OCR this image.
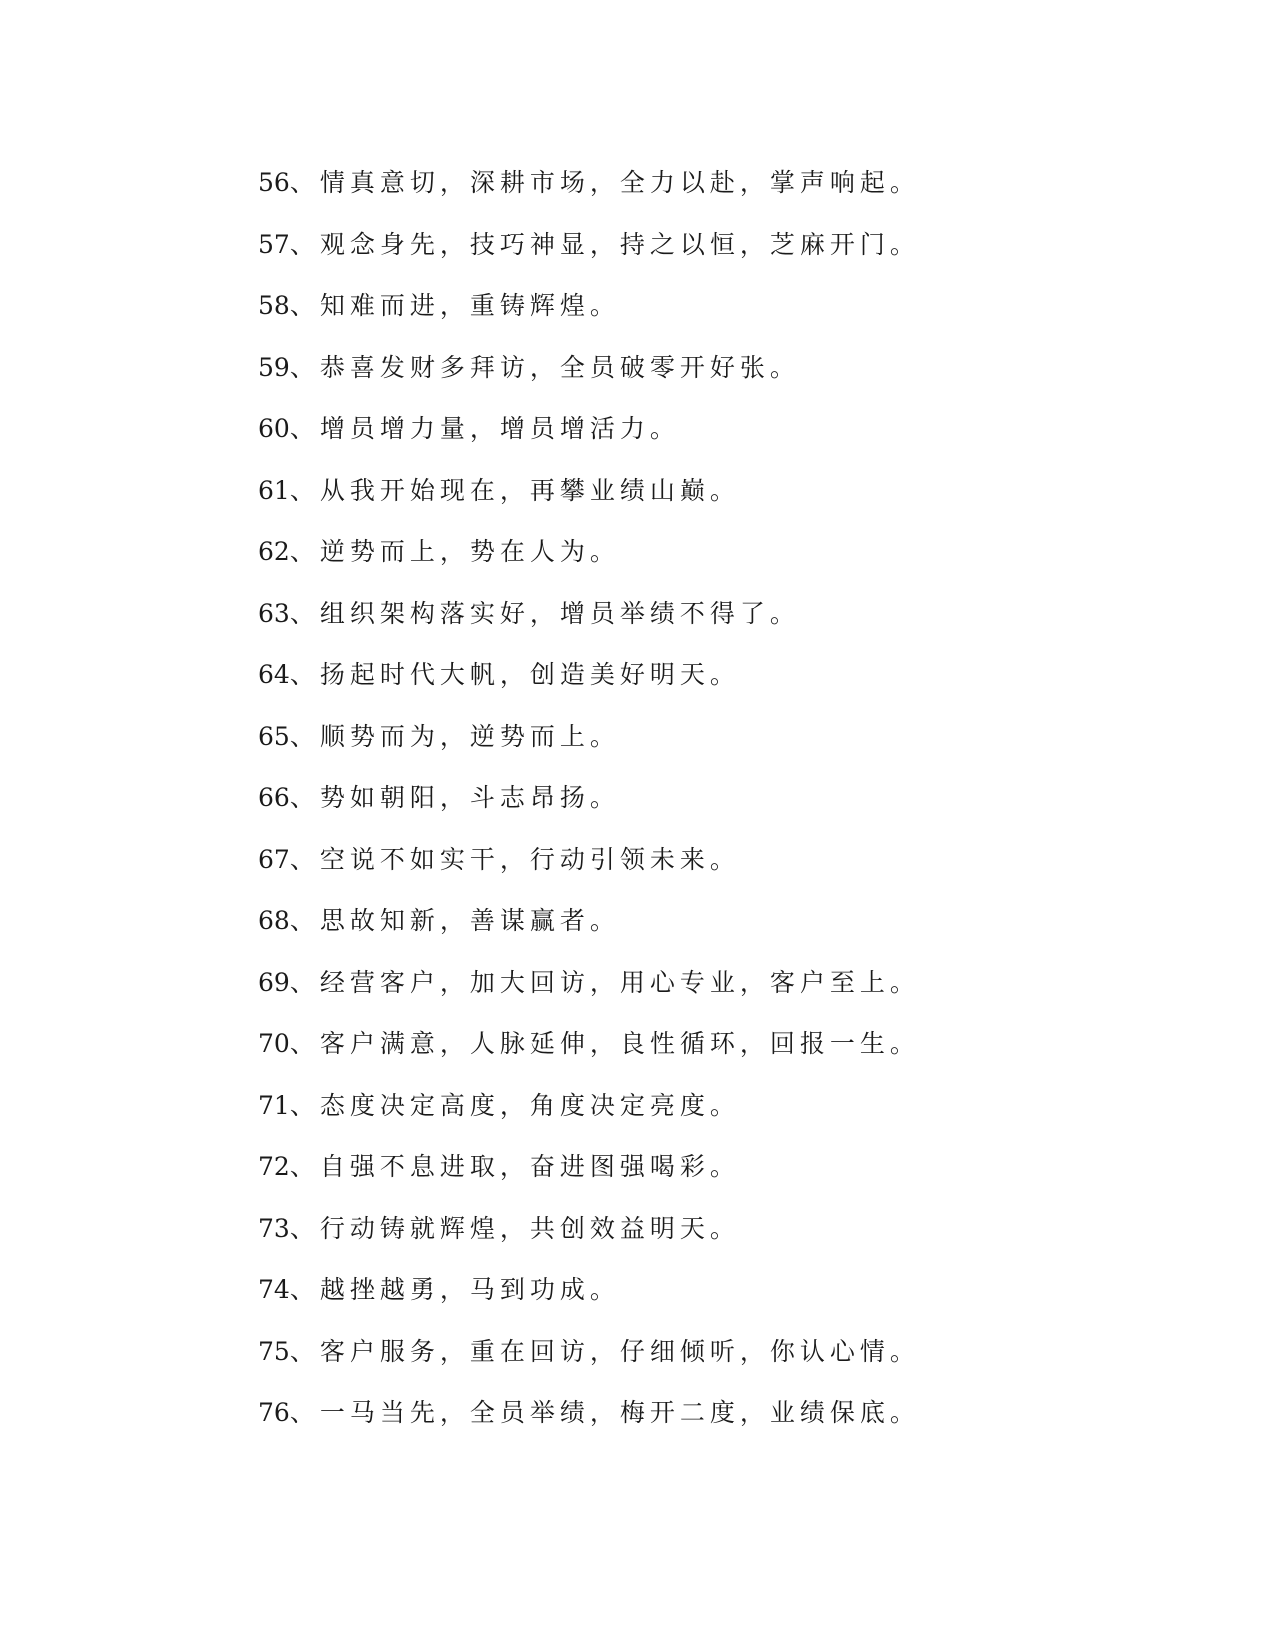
56、情真意切，深耕市场，全力以赴，掌声响起。
57、观念身先，技巧神显，持之以恒，芝麻开门。
58、知难而进，重铸辉煌。
59、恭喜发财多拜访，全员破零开好张。
60、增员增力量，增员增活力。
61、从我开始现在，再攀业绩山巅。
62、逆势而上，势在人为。
63、组织架构落实好，增员举绩不得了。
64、扬起时代大帆，创造美好明天。
65、顺势而为，逆势而上。
66、势如朝阳，斗志昂扬。
67、空说不如实干，行动引领未来。
68、思故知新，善谋赢者。
69、经营客户，加大回访，用心专业，客户至上。
70、客户满意，人脉延伸，良性循环，回报一生。
71、态度决定高度，角度决定亮度。
72、自强不息进取，奋进图强喝彩。
73、行动铸就辉煌，共创效益明天。
74、越挫越勇，马到功成。
75、客户服务，重在回访，仔细倾听，你认心情。
76、一马当先，全员举绩，梅开二度，业绩保底。
